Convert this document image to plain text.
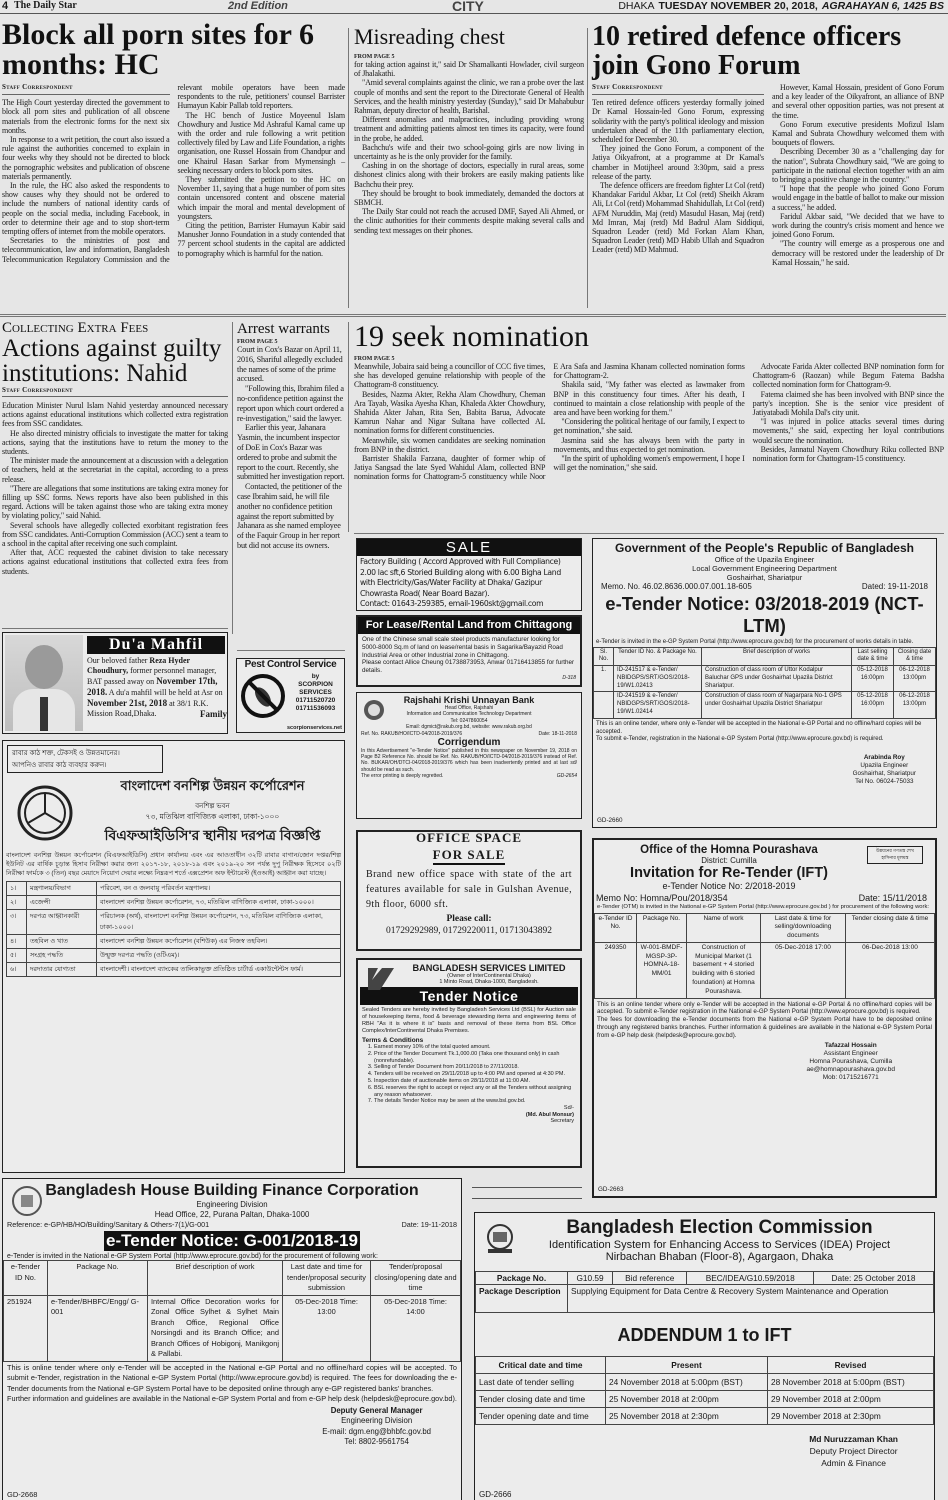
4 The Daily Star	2nd Edition	CITY	DHAKA TUESDAY NOVEMBER 20, 2018, AGRAHAYAN 6, 1425 BS
Block all porn sites for 6 months: HC
Staff Correspondent

The High Court yesterday directed the government to block all porn sites and publication of all obscene materials from the electronic forms for the next six months.

In response to a writ petition, the court also issued a rule against the authorities concerned to explain in four weeks why they should not be directed to block the pornographic websites and publication of obscene materials permanently.

In the rule, the HC also asked the respondents to show causes why they should not be ordered to include the numbers of national identity cards of people on the social media, including Facebook, in order to determine their age and to stop short-term tempting offers of internet from the mobile operators.

Secretaries to the ministries of post and telecommunication, law and information, Bangladesh Telecommunication Regulatory Commission and the relevant mobile operators have been made respondents to the rule, petitioners' counsel Barrister Humayun Kabir Pallab told reporters.

The HC bench of Justice Moyeenul Islam Chowdhury and Justice Md Ashraful Kamal came up with the order and rule following a writ petition collectively filed by Law and Life Foundation, a rights organisation, one Russel Hossain from Chandpur and one Khairul Hasan Sarkar from Mymensingh – seeking necessary orders to block porn sites.

They submitted the petition to the HC on November 11, saying that a huge number of porn sites contain uncensored content and obscene material which impair the moral and mental development of youngsters.

Citing the petition, Barrister Humayun Kabir said Manusher Jonno Foundation in a study contended that 77 percent school students in the capital are addicted to pornography which is harmful for the nation.

Misreading chest
FROM PAGE 5

for taking action against it," said Dr Shamalkanti Howlader, civil surgeon of Jhalakathi.

"Amid several complaints against the clinic, we ran a probe over the last couple of months and sent the report to the Directorate General of Health Services, and the health ministry yesterday (Sunday)," said Dr Mahabubur Rahman, deputy director of health, Barishal.

Different anomalies and malpractices, including providing wrong treatment and admitting patients almost ten times its capacity, were found in the probe, he added.

Bachchu's wife and their two school-going girls are now living in uncertainty as he is the only provider for the family.

Cashing in on the shortage of doctors, especially in rural areas, some dishonest clinics along with their brokers are easily making patients like Bachchu their prey.

They should be brought to book immediately, demanded the doctors at SBMCH.

The Daily Star could not reach the accused DMF, Sayed Ali Ahmed, or the clinic authorities for their comments despite making several calls and sending text messages on their phones.

10 retired defence officers join Gono Forum
Staff Correspondent

Ten retired defence officers yesterday formally joined Dr Kamal Hossain-led Gono Forum, expressing solidarity with the party's political ideology and mission undertaken ahead of the 11th parliamentary election, scheduled for December 30.

They joined the Gono Forum, a component of the Jatiya Oikyafront, at a programme at Dr Kamal's chamber in Motijheel around 3:30pm, said a press release of the party.

The defence officers are freedom fighter Lt Col (retd) Khandakar Faridul Akbar, Lt Col (retd) Sheikh Akram Ali, Lt Col (retd) Mohammad Shahidullah, Lt Col (retd) AFM Nuruddin, Maj (retd) Masudul Hasan, Maj (retd) Md Imran, Maj (retd) Md Badrul Alam Siddiqui, Squadron Leader (retd) Md Forkan Alam Khan, Squadron Leader (retd) MD Habib Ullah and Squadron Leader (retd) MD Mahmud.

However, Kamal Hossain, president of Gono Forum and a key leader of the Oikyafront, an alliance of BNP and several other opposition parties, was not present at the time.

Gono Forum executive presidents Mofizul Islam Kamal and Subrata Chowdhury welcomed them with bouquets of flowers.

Describing December 30 as a "challenging day for the nation", Subrata Chowdhury said, "We are going to participate in the national election together with an aim to bringing a positive change in the country."

"I hope that the people who joined Gono Forum would engage in the battle of ballot to make our mission a success," he added.

Faridul Akbar said, "We decided that we have to work during the country's crisis moment and hence we joined Gono Forum.

"The country will emerge as a prosperous one and democracy will be restored under the leadership of Dr Kamal Hossain," he said.

Collecting Extra Fees
Actions against guilty institutions: Nahid
Staff Correspondent

Education Minister Nurul Islam Nahid yesterday announced necessary actions against educational institutions which collected extra registration fees from SSC candidates.

He also directed ministry officials to investigate the matter for taking actions, saying that the institutions have to return the money to the students.

The minister made the announcement at a discussion with a delegation of teachers, held at the secretariat in the capital, according to a press release.

"There are allegations that some institutions are taking extra money for filling up SSC forms. News reports have also been published in this regard. Actions will be taken against those who are taking extra money by violating policy," said Nahid.

Several schools have allegedly collected exorbitant registration fees from SSC candidates. Anti-Corruption Commission (ACC) sent a team to a school in the capital after receiving one such complaint.

After that, ACC requested the cabinet division to take necessary actions against educational institutions that collected extra fees from students.

Arrest warrants
FROM PAGE 5

Court in Cox's Bazar on April 11, 2016, Shariful allegedly excluded the names of some of the prime accused.

"Following this, Ibrahim filed a no-confidence petition against the report upon which court ordered a re-investigation," said the lawyer.

Earlier this year, Jahanara Yasmin, the incumbent inspector of DoE in Cox's Bazar was ordered to probe and submit the report to the court. Recently, she submitted her investigation report.

Contacted, the petitioner of the case Ibrahim said, he will file another no confidence petition against the report submitted by Jahanara as she named employee of the Faquir Group in her report but did not accuse its owners.

19 seek nomination
FROM PAGE 5

Meanwhile, Jobaira said being a councillor of CCC five times, she has developed genuine relationship with people of the Chattogram-8 constituency.

Besides, Nazma Akter, Rekha Alam Chowdhury, Cheman Ara Tayab, Wasika Ayesha Khan, Khaleda Akter Chowdhury, Shahida Akter Jahan, Rita Sen, Babita Barua, Advocate Kamrun Nahar and Nigar Sultana have collected AL nomination forms for different constituencies.

Meanwhile, six women candidates are seeking nomination from BNP in the district.

Barrister Shakila Farzana, daughter of former whip of Jatiya Sangsad the late Syed Wahidul Alam, collected BNP nomination forms for Chattogram-5 constituency while Noor E Ara Safa and Jasmina Khanam collected nomination forms for Chattogram-2.

Shakila said, "My father was elected as lawmaker from BNP in this constituency four times. After his death, I continued to maintain a close relationship with people of the area and have been working for them."

"Considering the political heritage of our family, I expect to get nomination," she said.

Jasmina said she has always been with the party in movements, and thus expected to get nomination.

"In the spirit of upholding women's empowerment, I hope I will get the nomination," she said.

Advocate Farida Akter collected BNP nomination form for Chattogram-6 (Raozan) while Begum Fatema Badsha collected nomination form for Chattogram-9.

Fatema claimed she has been involved with BNP since the party's inception. She is the senior vice president of Jatiyatabadi Mohila Dal's city unit.

"I was injured in police attacks several times during movements," she said, expecting her loyal contributions would secure the nomination.

Besides, Jannatul Nayem Chowdhury Riku collected BNP nomination form for Chattogram-15 constituency.

Du'a Mahfil
Our beloved father Reza Hyder Choudhury, former personnel manager, BAT passed away on November 17th, 2018. A du'a mahfil will be held at Asr on November 21st, 2018 at 38/1 R.K. Mission Road,Dhaka.	Family
Pest Control Service
by
SCORPION SERVICES
01711520720
01711536093
scorpionservices.net
রাবার কাঠ শক্ত, টেকসই ও উন্নতমানের।
আপনিও রাবার কাঠ ব্যবহার করুন।
বাংলাদেশ বনশিল্প উন্নয়ন কর্পোরেশন
বনশিল্প ভবন
৭৩, মতিঝিল বাণিজ্যিক এলাকা, ঢাকা-১০০০
বিএফআইডিসি'র স্থানীয় দরপত্র বিজ্ঞপ্তি
বাংলাদেশ বনশিল্প উন্নয়ন কর্পোরেশন (বিএফআইডিসি) প্রধান কার্যালয় এবং এর আওতাধীন ৩২টি রাবার বাগান/জোন দপ্তর/শিল্প ইউনিট এর বার্ষিক চূড়ান্ত হিসাব নিরীক্ষা করার জন্য ২০১৭-১৮, ২০১৮-১৯ এবং ২০১৯-২০ সন পর্যন্ত দুপু নিরীক্ষক হিসেবে ০২টি নিরীক্ষা ফার্মকে ৩ (তিন) বছর মেয়াদে নিয়োগ দেয়ার লক্ষ্যে নিম্নরূপ শর্তে এক্সপ্রেশন অফ ইন্টারেস্ট (ইওআই) আহ্বান করা যাচ্ছে।
১।	মন্ত্রণালয়/বিভাগ	পরিবেশ, বন ও জলবায়ু পরিবর্তন মন্ত্রণালয়।
২।	এজেন্সী	বাংলাদেশ বনশিল্প উন্নয়ন কর্পোরেশন, ৭৩, মতিঝিল বাণিজ্যিক এলাকা, ঢাকা-১০০০।
৩।	দরপত্র আহ্বানকারী	পরিচালক (অর্থ), বাংলাদেশ বনশিল্প উন্নয়ন কর্পোরেশন, ৭৩, মতিঝিল বাণিজ্যিক এলাকা, ঢাকা-১০০০।
৪।	তহবিল ও খাত	বাংলাদেশ বনশিল্প উন্নয়ন কর্পোরেশন (বশিউক) এর নিজস্ব তহবিল।
৫।	সংগ্রহ পদ্ধতি	উন্মুক্ত দরপত্র পদ্ধতি (ওটিএম)।
৬।	দরদাতার যোগ্যতা	বাংলাদেশী। বাংলাদেশ ব্যাংকের তালিকাভুক্ত প্রতিষ্ঠিত চার্টার্ড একাউন্টেন্টস ফার্ম।
SALE
Factory Building ( Accord Approved with Full Compliance)
2.00 lac sft,6 Storied Building along with 6.00 Bigha Land
with Electricity/Gas/Water Facility at Dhaka/ Gazipur
Chowrasta Road( Near Board Bazar).
Contact: 01643-259385, email-1960skt@gmail.com
For Lease/Rental Land from Chittagong
One of the Chinese small scale steel products manufacturer looking for 5000-8000 Sq.m of land on lease/rental basis in Sagarika/Bayazid Road Industrial Area or other Industrial zone in Chittagong.
Please contact Allice Cheung 01738873953, Anwar 01716413855 for further details.
D-318
Rajshahi Krishi Unnayan Bank
Head Office, Rajshahi
Information and Communication Technology Department
Tel: 0247860054
Email: dgmict@rakub.org.bd, website: www.rakub.org.bd
Ref. No. RAKUB/HO/ICTD-04/2018-2019/376	Date: 18-11-2018
Corrigendum
In this Advertisement "e-Tender Notice" published in this newspaper on November 19, 2018 on Page B2 Reference No. should be Ref. No. RAKUB/HO/ICTD-04/2018-2019/376 instead of Ref. No. BUKAR/OH/DTCI-04/2018-2019/376 which has been inadvertently printed and at last sd/ should be read as such.
The error printing is deeply regretted.	GD-2654
OFFICE SPACE
FOR SALE
Brand new office space with state of the art features available for sale in Gulshan Avenue, 9th floor, 6000 sft.
Please call:
01729292989, 01729220011, 01713043892
BANGLADESH SERVICES LIMITED
(Owner of InterContinental Dhaka)
1 Minto Road, Dhaka-1000, Bangladesh.
Tender Notice
Sealed Tenders are hereby invited by Bangladesh Services Ltd (BSL) for Auction sale of housekeeping items, food & beverage stewarding items and engineering items of RBH "As it is where it is" basis and removal of these items from BSL Office Complex/InterContinental Dhaka Premises.
Terms & Conditions
1. Earnest money 10% of the total quoted amount.
2. Price of the Tender Document Tk.1,000.00 (Taka one thousand only) in cash (nonrefundable).
3. Selling of Tender Document from 20/11/2018 to 27/11/2018.
4. Tenders will be received on 29/11/2018 up to 4:00 PM and opened at 4:30 PM.
5. Inspection date of auctionable items on 28/11/2018 at 11:00 AM.
6. BSL reserves the right to accept or reject any or all the Tenders without assigning any reason whatsoever.
7. The details Tender Notice may be seen at the www.bsl.gov.bd.
Sd/-
(Md. Abul Monsur)
Secretary
Government of the People's Republic of Bangladesh
Office of the Upazila Engineer
Local Government Engineering Department
Goshairhat, Shariatpur
Memo. No. 46.02.8636.000.07.001.18-605	Dated: 19-11-2018
e-Tender Notice: 03/2018-2019 (NCT-LTM)
e-Tender is invited in the e-GP System Portal (http://www.eprocure.gov.bd) for the procurement of works details in table.
Sl. No.	Tender ID No. & Package No.	Brief description of works	Last selling date & time	Closing date & time
1.	ID-241517 & e-Tender/ NBIDGPS/SRT/GOS/2018-19/W1.02413	Construction of class room of Uttor Kodalpur Baluchar GPS under Goshairhat Upazila District Shariatpur.	05-12-2018 16:00pm	06-12-2018 13:00pm
	ID-241519 & e-Tender/ NBIDGPS/SRT/GOS/2018-19/W1.02414	Construction of class room of Nagarpara No-1 GPS under Goshairhat Upazila District Shariatpur	05-12-2018 16:00pm	06-12-2018 13:00pm
This is an online tender, where only e-Tender will be accepted in the National e-GP Portal and no offline/hard copies will be accepted.
To submit e-Tender, registration in the National e-GP System Portal (http://www.eprocure.gov.bd) is required.
Arabinda Roy
Upazila Engineer
Goshairhat, Shariatpur
Tel No. 06024-75033
GD-2660
উন্নয়নের গণতন্ত্র শেখ হাসিনার মূলমন্ত্র
Office of the Homna Pourashava
District: Cumilla
Invitation for Re-Tender (IFT)
e-Tender Notice No: 2/2018-2019
Memo No: Homna/Pou/2018/354	Date: 15/11/2018
e-Tender (OTM) is invited in the National e-GP System Portal (http://www.eprocure.gov.bd ) for procurement of the following work:
e-Tender ID No.	Package No.	Name of work	Last date & time for selling/downloading documents	Tender closing date & time
249350	W-001-BMDF-MGSP-3P-HOMNA-18-MM/01	Construction of Municipal Market (1 basement + 4 storied building with 6 storied foundation) at Homna Pourashava.	05-Dec-2018 17:00	06-Dec-2018 13:00
This is an online tender where only e-Tender will be accepted in the National e-GP Portal & no offline/hard copies will be accepted. To submit e-Tender registration in the National e-GP System Portal (http://www.eprocure.gov.bd) is required.
The fees for downloading the e-Tender documents from the National e-GP System Portal have to be deposited online through any registered banks branches. Further information & guidelines are available in the National e-GP System Portal from e-GP help desk (helpdesk@eprocure.gov.bd).
Tafazzal Hossain
Assistant Engineer
Homna Pourashava, Cumilla
ae@homnapourashava.gov.bd
Mob: 01715216771
GD-2663
Bangladesh House Building Finance Corporation
Engineering Division
Head Office, 22, Purana Paltan, Dhaka-1000
Reference: e-GP/HB/HO/Building/Sanitary & Others-7(1)/G-001	Date: 19-11-2018
e-Tender Notice: G-001/2018-19
e-Tender is invited in the National e-GP System Portal (http://www.eprocure.gov.bd) for the procurement of following work:
e-Tender ID No.	Package No.	Brief description of work	Last date and time for tender/proposal security submission	Tender/proposal closing/opening date and time
251924	e-Tender/BHBFC/Engg/ G-001	Internal Office Decoration works for Zonal Office Sylhet & Sylhet Main Branch Office, Regional Office Norsingdi and its Branch Office; and Branch Offices of Hobigonj, Manikgonj & Pallabi.	05-Dec-2018 Time: 13:00	05-Dec-2018 Time: 14:00
This is online tender where only e-Tender will be accepted in the National e-GP Portal and no offline/hard copies will be accepted. To submit e-Tender, registration in the National e-GP System Portal (http://www.eprocure.gov.bd) is required. The fees for downloading the e-Tender documents from the National e-GP System Portal have to be deposited online through any e-GP registered banks' branches.
Further information and guidelines are available in the National e-GP System Portal and from e-GP help desk (helpdesk@eprocure.gov.bd).
Deputy General Manager
Engineering Division
E-mail: dgm.eng@bhbfc.gov.bd
Tel: 8802-9561754
GD-2668
Bangladesh Election Commission
Identification System for Enhancing Access to Services (IDEA) Project
Nirbachan Bhaban (Floor-8), Agargaon, Dhaka
Package No.	G10.59	Bid reference	BEC/IDEA/G10.59/2018	Date: 25 October 2018
Package Description	Supplying Equipment for Data Centre & Recovery System Maintenance and Operation			
ADDENDUM 1 to IFT
Critical date and time	Present	Revised
Last date of tender selling	24 November 2018 at 5:00pm (BST)	28 November 2018 at 5:00pm (BST)
Tender closing date and time	25 November 2018 at 2:00pm	29 November 2018 at 2:00pm
Tender opening date and time	25 November 2018 at 2:30pm	29 November 2018 at 2:30pm
Md Nuruzzaman Khan
Deputy Project Director
Admin & Finance
GD-2666
